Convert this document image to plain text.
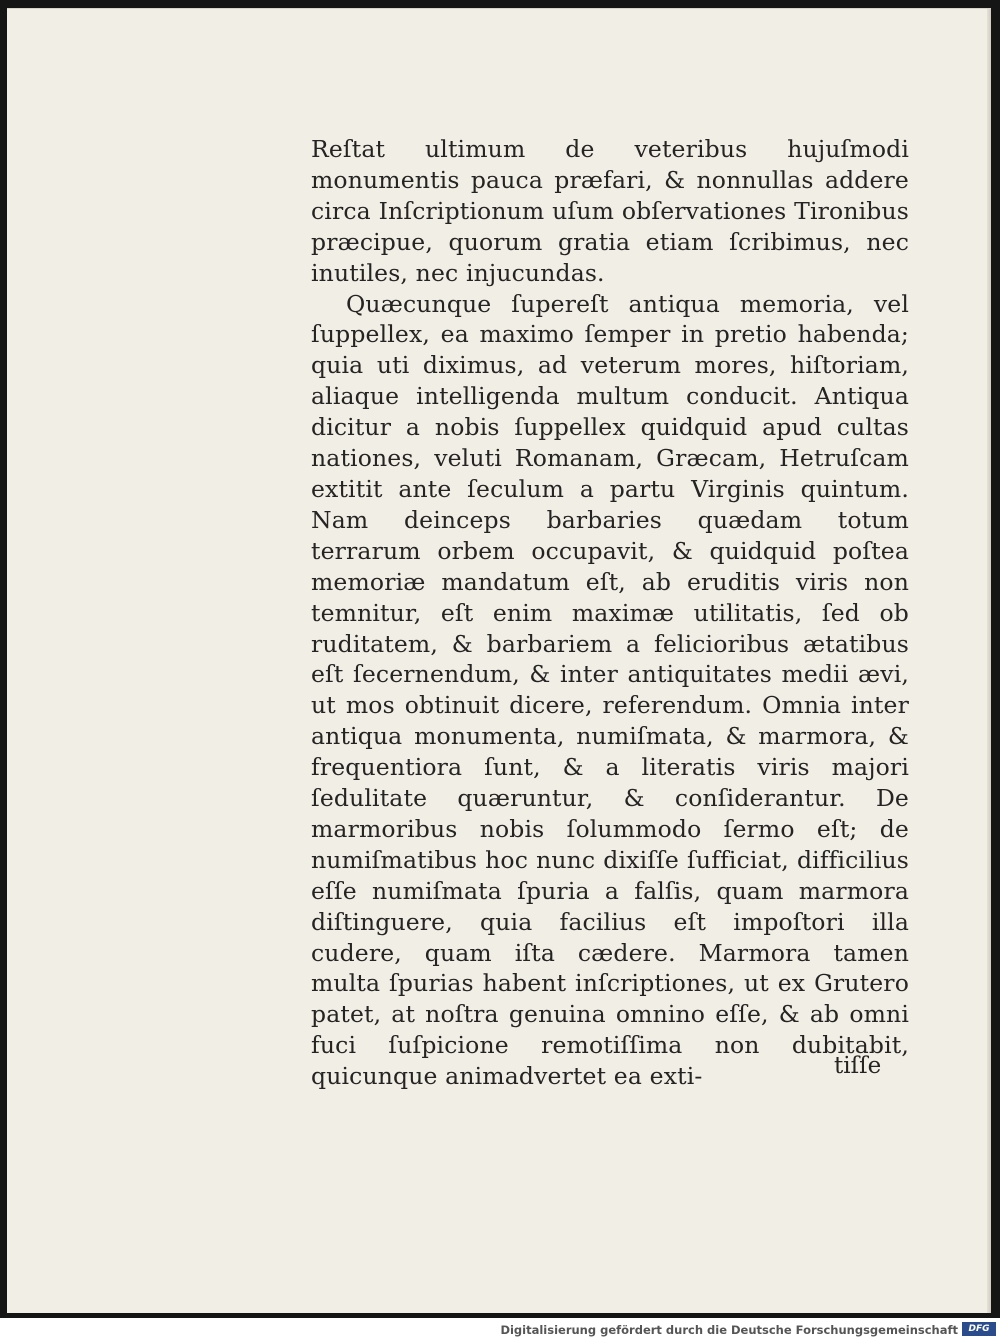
Reſtat ultimum de veteribus hujuſmodi monumentis pauca præfari, & nonnullas addere circa Inſcriptionum uſum obſervationes Tironibus præcipue, quorum gratia etiam ſcribimus, nec inutiles, nec injucundas.

Quæcunque ſupereſt antiqua memoria, vel ſuppellex, ea maximo ſemper in pretio habenda; quia uti diximus, ad veterum mores, hiſtoriam, aliaque intelligenda multum conducit. Antiqua dicitur a nobis ſuppellex quidquid apud cultas nationes, veluti Romanam, Græcam, Hetruſcam extitit ante ſeculum a partu Virginis quintum. Nam deinceps barbaries quædam totum terrarum orbem occupavit, & quidquid poſtea memoriæ mandatum eſt, ab eruditis viris non temnitur, eſt enim maximæ utilitatis, ſed ob ruditatem, & barbariem a felicioribus ætatibus eſt ſecernendum, & inter antiquitates medii ævi, ut mos obtinuit dicere, referendum. Omnia inter antiqua monumenta, numiſmata, & marmora, & frequentiora ſunt, & a literatis viris majori ſedulitate quæruntur, & conſiderantur. De marmoribus nobis ſolummodo ſermo eſt; de numiſmatibus hoc nunc dixiſſe ſufficiat, difficilius eſſe numiſmata ſpuria a falſis, quam marmora diſtinguere, quia facilius eſt impoſtori illa cudere, quam iſta cædere. Marmora tamen multa ſpurias habent inſcriptiones, ut ex Grutero patet, at noſtra genuina omnino eſſe, & ab omni fuci ſuſpicione remotiſſima non dubitabit, quicunque animadvertet ea exti-	tiſſe
Digitalisierung gefördert durch die Deutsche Forschungsgemeinschaft	DFG
